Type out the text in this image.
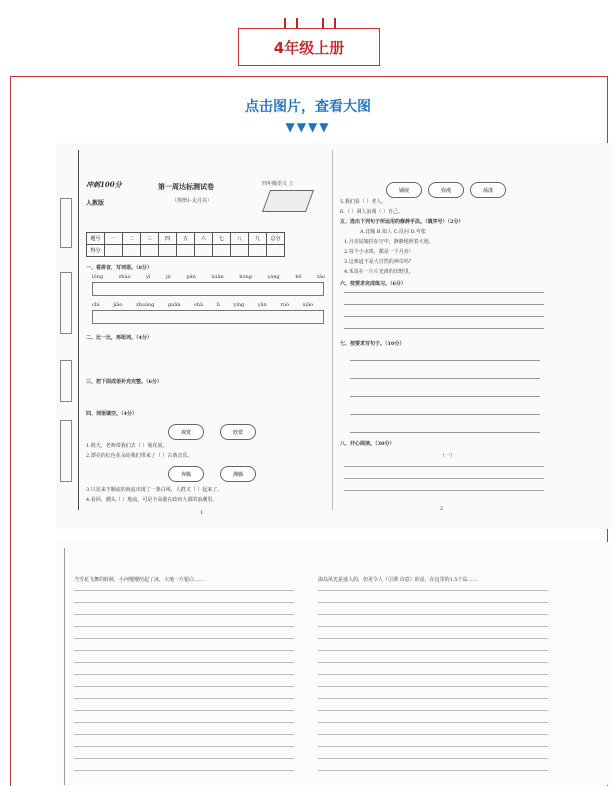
4年级上册
点击图片，查看大图
▼▼▼▼
冲刺100分
人教版
第一周达标测试卷
（规律1-走月亮）
四年级语文 上
题号	一	二	三	四	五	六	七	八	九	总分
得分										
一、看拼音，写词语。（8分）
lóng zhào	yǐ jù	pán xuán	hóng yáng	bǒ tāo
chì jiǎo	zhuàng guān	shā lì	yíng yǎn	ruò xiǎo
二、比一比，再组词。（4分）
三、把下面成语补充完整。（6分）
四、词语填空。（4分）
观赏	欣赏
1.秋天，老师带我们去（ ）菊花展。
2.漂亮的红色花朵给我们带来了（ ）古典音乐。
奔腾	沸腾
3.只见来不顺流的海流出现了一条白线，人群又（ ）起来了。
4.看回，潮头（ ）地流，可是全高涨在政府大幕的浪潮里。
1
铺展	弥漫	荡漾
5.我们看（ ）老人。
6.（ ）洞人浪漫（ ）自己。
五、选出下列句子所运用的修辞手法。（填序号）（2分）
A.比喻 B.拟人 C.反问 D.夸张
1.月亮姑娘挂在空中，静静地照着大地。
2.每个小水珠，都是一个月亮！
3.这难道不是大自然的神奇吗？
4.禾苗在一片片光滑的田野里。
六、按要求完成练习。（6分）
七、按要求写句子。（10分）
八、开心阅读。（30分）
（一）
2
当雪花飞舞的时候，小河慢慢结起了冰，大地一片银白……	海岛风光是迷人的，但更令人（引诱 诗意）的是，在这里的1.5个岛……
